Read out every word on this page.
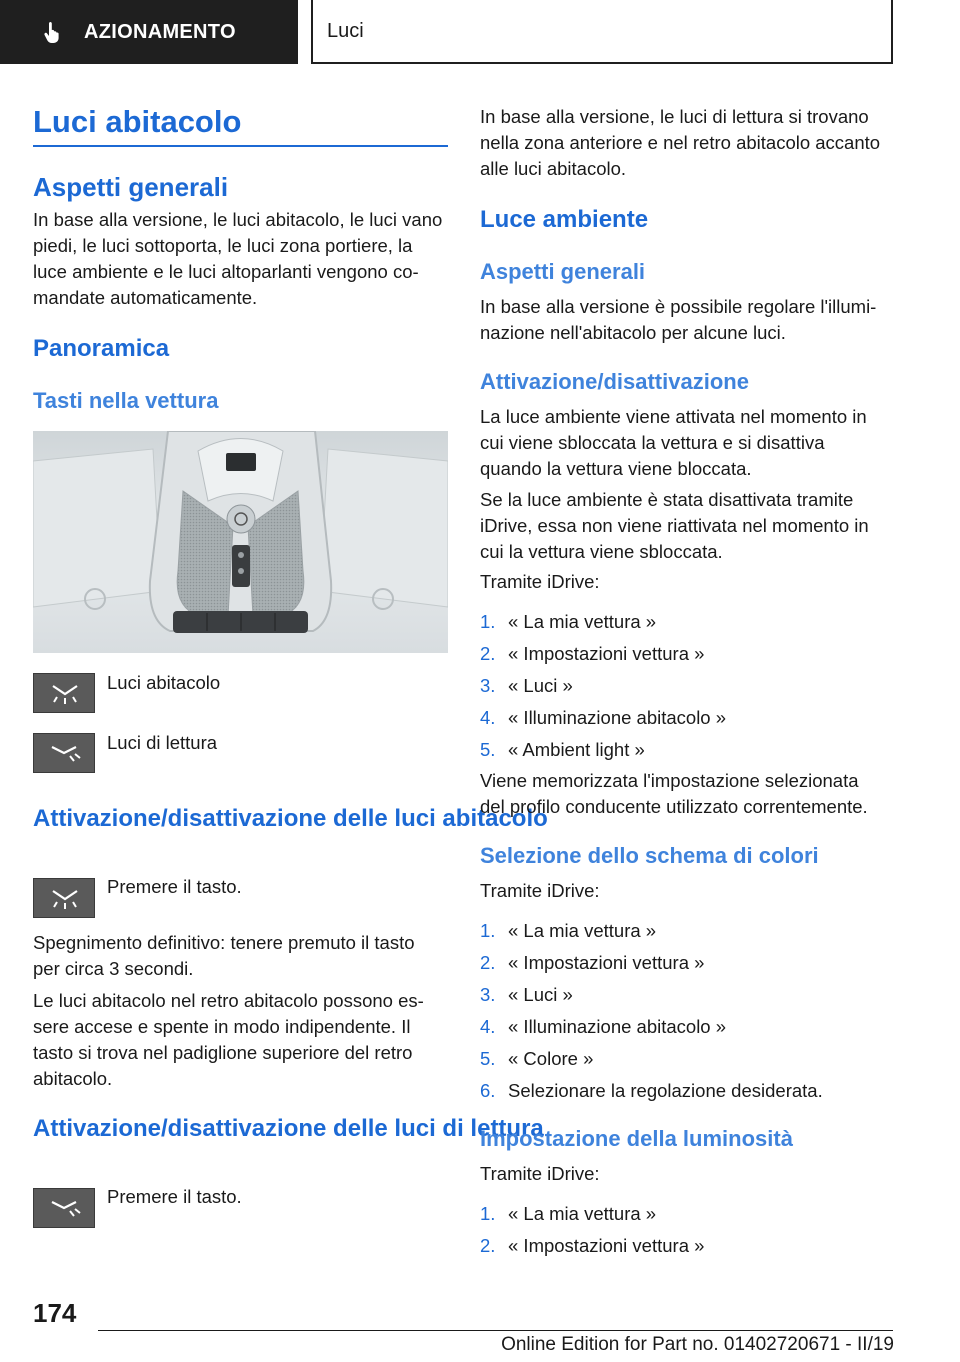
AZIONAMENTO	Luci
Luci abitacolo
Aspetti generali
In base alla versione, le luci abitacolo, le luci vano
piedi, le luci sottoporta, le luci zona portiere, la
luce ambiente e le luci altoparlanti vengono co‐
mandate automaticamente.
Panoramica
Tasti nella vettura
Luci abitacolo
Luci di lettura
Attivazione/disattivazione delle luci abitacolo
Premere il tasto.
Spegnimento definitivo: tenere premuto il tasto
per circa 3 secondi.
Le luci abitacolo nel retro abitacolo possono es‐
sere accese e spente in modo indipendente. Il
tasto si trova nel padiglione superiore del retro
abitacolo.
Attivazione/disattivazione delle luci di lettura
Premere il tasto.
In base alla versione, le luci di lettura si trovano
nella zona anteriore e nel retro abitacolo accanto
alle luci abitacolo.
Luce ambiente
Aspetti generali
In base alla versione è possibile regolare l'illumi‐
nazione nell'abitacolo per alcune luci.
Attivazione/disattivazione
La luce ambiente viene attivata nel momento in
cui viene sbloccata la vettura e si disattiva
quando la vettura viene bloccata.
Se la luce ambiente è stata disattivata tramite
iDrive, essa non viene riattivata nel momento in
cui la vettura viene sbloccata.
Tramite iDrive:
1. « La mia vettura »
2. « Impostazioni vettura »
3. « Luci »
4. « Illuminazione abitacolo »
5. « Ambient light »
Viene memorizzata l'impostazione selezionata
del profilo conducente utilizzato correntemente.
Selezione dello schema di colori
Tramite iDrive:
1. « La mia vettura »
2. « Impostazioni vettura »
3. « Luci »
4. « Illuminazione abitacolo »
5. « Colore »
6. Selezionare la regolazione desiderata.
Impostazione della luminosità
Tramite iDrive:
1. « La mia vettura »
2. « Impostazioni vettura »
174
Online Edition for Part no. 01402720671 - II/19
